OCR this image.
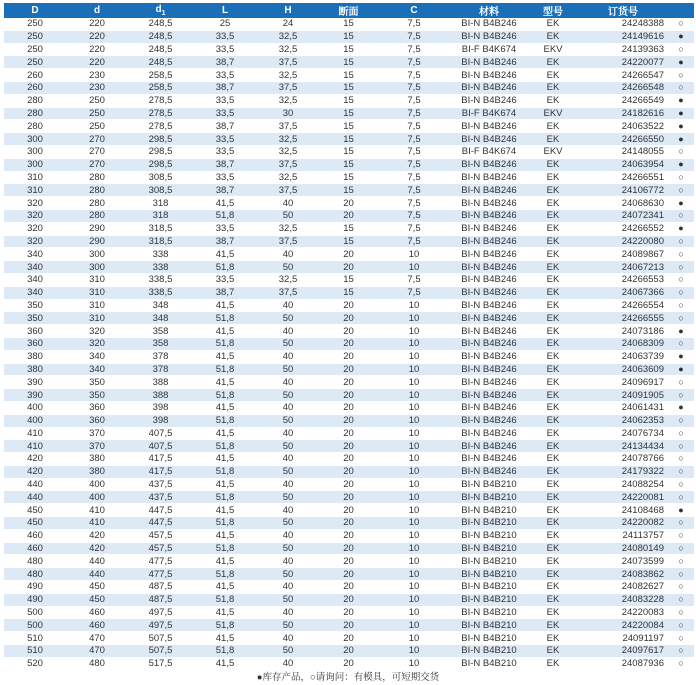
D	d	$d_1$	L	H	断面	C	材料	型号	订货号	
250	220	248,5	25	24	15	7,5	BI-N B4B246	EK	24248388	○
250	220	248,5	33,5	32,5	15	7,5	BI-N B4B246	EK	24149616	●
250	220	248,5	33,5	32,5	15	7,5	BI-F B4K674	EKV	24139363	○
250	220	248,5	38,7	37,5	15	7,5	BI-N B4B246	EK	24220077	●
260	230	258,5	33,5	32,5	15	7,5	BI-N B4B246	EK	24266547	○
260	230	258,5	38,7	37,5	15	7,5	BI-N B4B246	EK	24266548	○
280	250	278,5	33,5	32,5	15	7,5	BI-N B4B246	EK	24266549	●
280	250	278,5	33,5	30	15	7,5	BI-F B4K674	EKV	24182616	●
280	250	278,5	38,7	37,5	15	7,5	BI-N B4B246	EK	24063522	●
300	270	298,5	33,5	32,5	15	7,5	BI-N B4B246	EK	24266550	●
300	270	298,5	33,5	32,5	15	7,5	BI-F B4K674	EKV	24148055	○
300	270	298,5	38,7	37,5	15	7,5	BI-N B4B246	EK	24063954	●
310	280	308,5	33,5	32,5	15	7,5	BI-N B4B246	EK	24266551	○
310	280	308,5	38,7	37,5	15	7,5	BI-N B4B246	EK	24106772	○
320	280	318	41,5	40	20	7,5	BI-N B4B246	EK	24068630	●
320	280	318	51,8	50	20	7,5	BI-N B4B246	EK	24072341	○
320	290	318,5	33,5	32,5	15	7,5	BI-N B4B246	EK	24266552	●
320	290	318,5	38,7	37,5	15	7,5	BI-N B4B246	EK	24220080	○
340	300	338	41,5	40	20	10	BI-N B4B246	EK	24089867	○
340	300	338	51,8	50	20	10	BI-N B4B246	EK	24067213	○
340	310	338,5	33,5	32,5	15	7,5	BI-N B4B246	EK	24266553	○
340	310	338,5	38,7	37,5	15	7,5	BI-N B4B246	EK	24067366	○
350	310	348	41,5	40	20	10	BI-N B4B246	EK	24266554	○
350	310	348	51,8	50	20	10	BI-N B4B246	EK	24266555	○
360	320	358	41,5	40	20	10	BI-N B4B246	EK	24073186	●
360	320	358	51,8	50	20	10	BI-N B4B246	EK	24068309	○
380	340	378	41,5	40	20	10	BI-N B4B246	EK	24063739	●
380	340	378	51,8	50	20	10	BI-N B4B246	EK	24063609	●
390	350	388	41,5	40	20	10	BI-N B4B246	EK	24096917	○
390	350	388	51,8	50	20	10	BI-N B4B246	EK	24091905	○
400	360	398	41,5	40	20	10	BI-N B4B246	EK	24061431	●
400	360	398	51,8	50	20	10	BI-N B4B246	EK	24062353	○
410	370	407,5	41,5	40	20	10	BI-N B4B246	EK	24076734	○
410	370	407,5	51,8	50	20	10	BI-N B4B246	EK	24134434	○
420	380	417,5	41,5	40	20	10	BI-N B4B246	EK	24078766	○
420	380	417,5	51,8	50	20	10	BI-N B4B246	EK	24179322	○
440	400	437,5	41,5	40	20	10	BI-N B4B210	EK	24088254	○
440	400	437,5	51,8	50	20	10	BI-N B4B210	EK	24220081	○
450	410	447,5	41,5	40	20	10	BI-N B4B210	EK	24108468	●
450	410	447,5	51,8	50	20	10	BI-N B4B210	EK	24220082	○
460	420	457,5	41,5	40	20	10	BI-N B4B210	EK	24113757	○
460	420	457,5	51,8	50	20	10	BI-N B4B210	EK	24080149	○
480	440	477,5	41,5	40	20	10	BI-N B4B210	EK	24073599	○
480	440	477,5	51,8	50	20	10	BI-N B4B210	EK	24083862	○
490	450	487,5	41,5	40	20	10	BI-N B4B210	EK	24082627	○
490	450	487,5	51,8	50	20	10	BI-N B4B210	EK	24083228	○
500	460	497,5	41,5	40	20	10	BI-N B4B210	EK	24220083	○
500	460	497,5	51,8	50	20	10	BI-N B4B210	EK	24220084	○
510	470	507,5	41,5	40	20	10	BI-N B4B210	EK	24091197	○
510	470	507,5	51,8	50	20	10	BI-N B4B210	EK	24097617	○
520	480	517,5	41,5	40	20	10	BI-N B4B210	EK	24087936	○
●库存产品，○请询问：有模具，可短期交货
